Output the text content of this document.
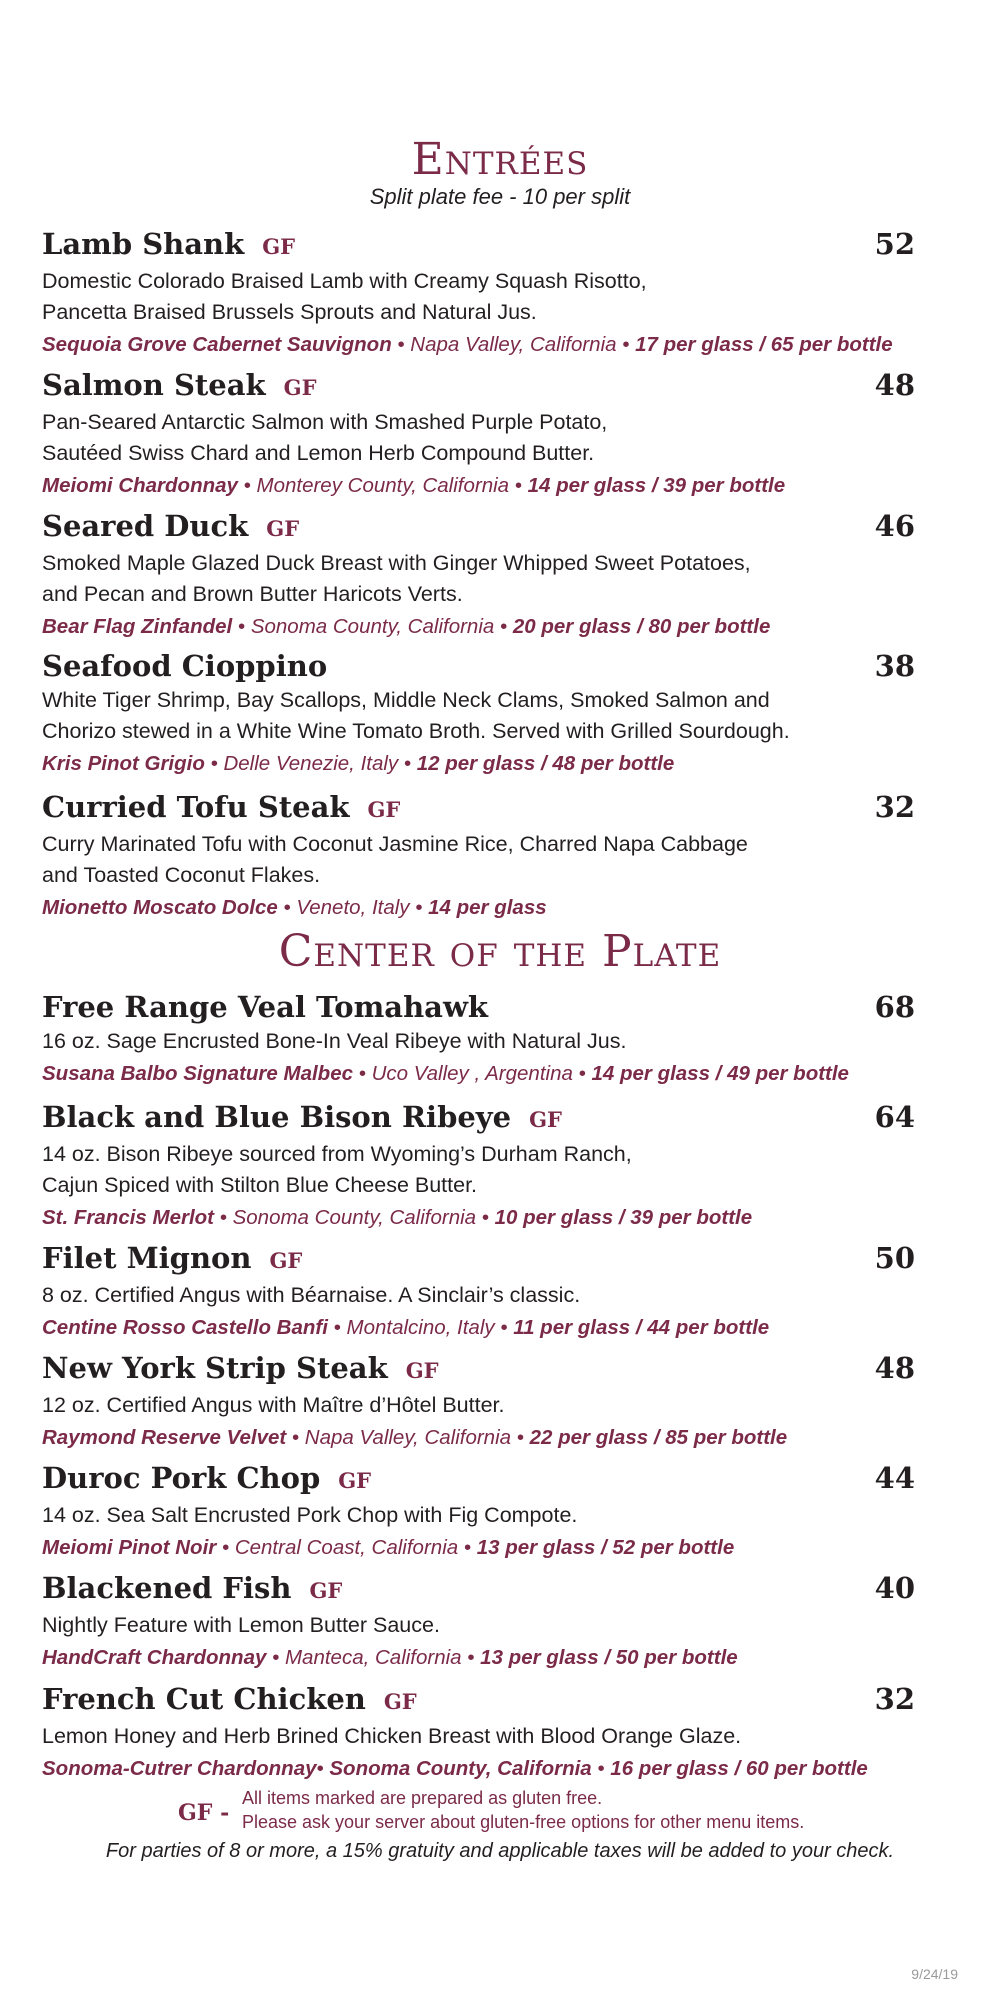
Entrées
Split plate fee - 10 per split
Lamb Shank GF	52
Domestic Colorado Braised Lamb with Creamy Squash Risotto,
Pancetta Braised Brussels Sprouts and Natural Jus.
Sequoia Grove Cabernet Sauvignon • Napa Valley, California • 17 per glass / 65 per bottle
Salmon Steak GF	48
Pan-Seared Antarctic Salmon with Smashed Purple Potato,
Sautéed Swiss Chard and Lemon Herb Compound Butter.
Meiomi Chardonnay • Monterey County, California • 14 per glass / 39 per bottle
Seared Duck GF	46
Smoked Maple Glazed Duck Breast with Ginger Whipped Sweet Potatoes,
and Pecan and Brown Butter Haricots Verts.
Bear Flag Zinfandel • Sonoma County, California • 20 per glass / 80 per bottle
Seafood Cioppino	38
White Tiger Shrimp, Bay Scallops, Middle Neck Clams, Smoked Salmon and
Chorizo stewed in a White Wine Tomato Broth. Served with Grilled Sourdough.
Kris Pinot Grigio • Delle Venezie, Italy • 12 per glass / 48 per bottle
Curried Tofu Steak GF	32
Curry Marinated Tofu with Coconut Jasmine Rice, Charred Napa Cabbage
and Toasted Coconut Flakes.
Mionetto Moscato Dolce • Veneto, Italy • 14 per glass
Center of the Plate
Free Range Veal Tomahawk	68
16 oz. Sage Encrusted Bone-In Veal Ribeye with Natural Jus.
Susana Balbo Signature Malbec • Uco Valley , Argentina • 14 per glass / 49 per bottle
Black and Blue Bison Ribeye GF	64
14 oz. Bison Ribeye sourced from Wyoming’s Durham Ranch,
Cajun Spiced with Stilton Blue Cheese Butter.
St. Francis Merlot • Sonoma County, California • 10 per glass / 39 per bottle
Filet Mignon GF	50
8 oz. Certified Angus with Béarnaise. A Sinclair’s classic.
Centine Rosso Castello Banfi • Montalcino, Italy • 11 per glass / 44 per bottle
New York Strip Steak GF	48
12 oz. Certified Angus with Maître d’Hôtel Butter.
Raymond Reserve Velvet • Napa Valley, California • 22 per glass / 85 per bottle
Duroc Pork Chop GF	44
14 oz. Sea Salt Encrusted Pork Chop with Fig Compote.
Meiomi Pinot Noir • Central Coast, California • 13 per glass / 52 per bottle
Blackened Fish GF	40
Nightly Feature with Lemon Butter Sauce.
HandCraft Chardonnay • Manteca, California • 13 per glass / 50 per bottle
French Cut Chicken GF	32
Lemon Honey and Herb Brined Chicken Breast with Blood Orange Glaze.
Sonoma-Cutrer Chardonnay• Sonoma County, California • 16 per glass / 60 per bottle
GF -
All items marked are prepared as gluten free.
Please ask your server about gluten-free options for other menu items.
For parties of 8 or more, a 15% gratuity and applicable taxes will be added to your check.
9/24/19
